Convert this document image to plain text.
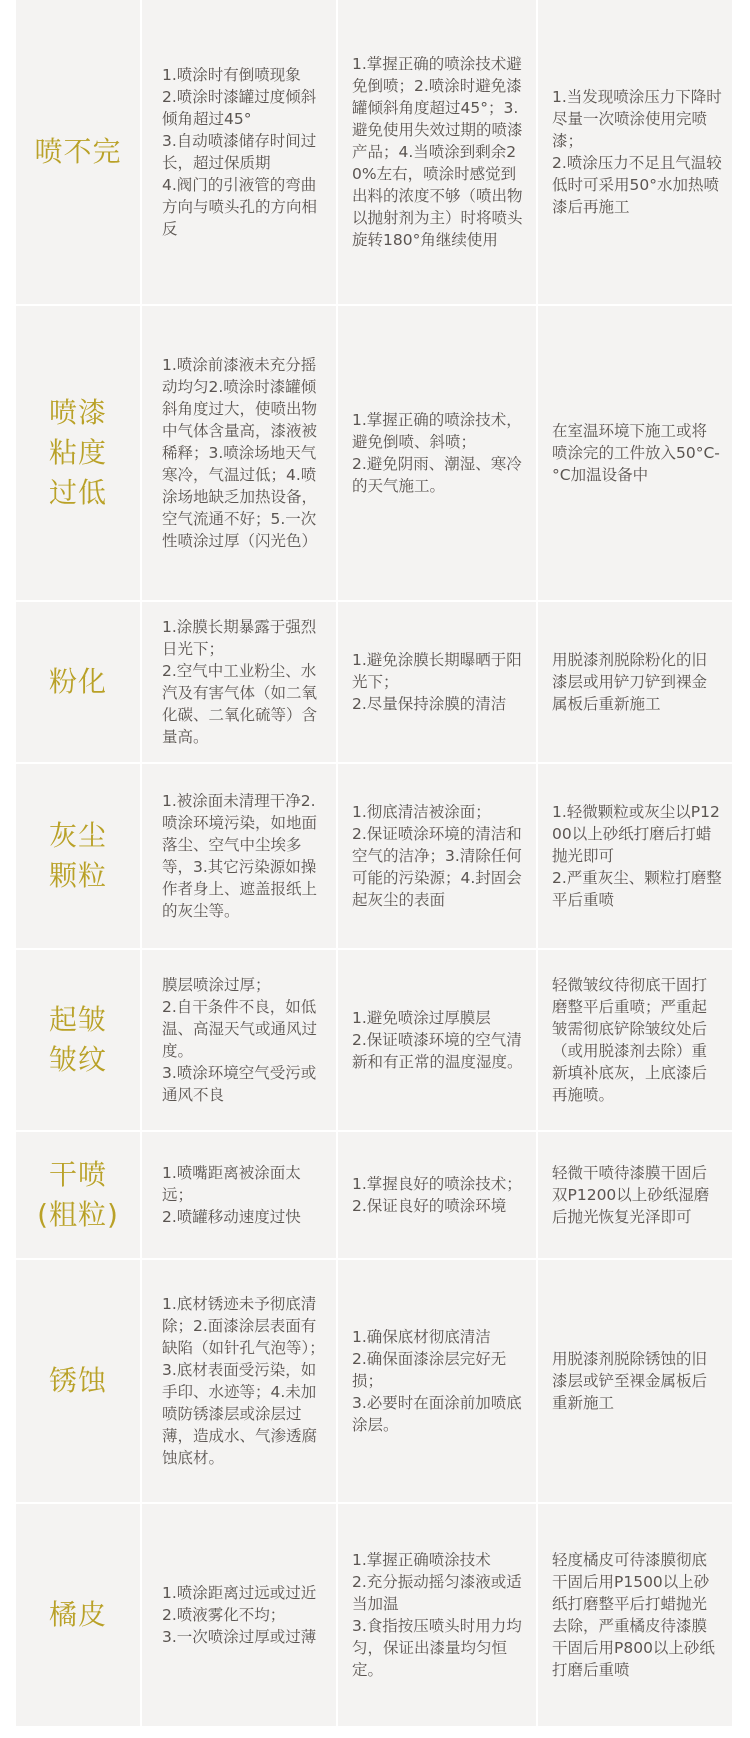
喷不完
1.喷涂时有倒喷现象
2.喷涂时漆罐过度倾斜倾角超过45°
3.自动喷漆储存时间过长，超过保质期
4.阀门的引液管的弯曲方向与喷头孔的方向相反
1.掌握正确的喷涂技术避免倒喷；2.喷涂时避免漆罐倾斜角度超过45°；3.避免使用失效过期的喷漆产品；4.当喷涂到剩余20%左右，喷涂时感觉到出料的浓度不够（喷出物以抛射剂为主）时将喷头旋转180°角继续使用
1.当发现喷涂压力下降时尽量一次喷涂使用完喷漆；
2.喷涂压力不足且气温较低时可采用50°水加热喷漆后再施工
喷漆
粘度
过低
1.喷涂前漆液未充分摇动均匀2.喷涂时漆罐倾斜角度过大，使喷出物中气体含量高，漆液被稀释；3.喷涂场地天气寒冷，气温过低；4.喷涂场地缺乏加热设备，空气流通不好；5.一次性喷涂过厚（闪光色）
1.掌握正确的喷涂技术，避免倒喷、斜喷；
2.避免阴雨、潮湿、寒冷的天气施工。
在室温环境下施工或将喷涂完的工件放入50°C-°C加温设备中
粉化
1.涂膜长期暴露于强烈日光下；
2.空气中工业粉尘、水汽及有害气体（如二氧化碳、二氧化硫等）含量高。
1.避免涂膜长期曝晒于阳光下；
2.尽量保持涂膜的清洁
用脱漆剂脱除粉化的旧漆层或用铲刀铲到裸金属板后重新施工
灰尘
颗粒
1.被涂面未清理干净2.喷涂环境污染，如地面落尘、空气中尘埃多等，3.其它污染源如操作者身上、遮盖报纸上的灰尘等。
1.彻底清洁被涂面；
2.保证喷涂环境的清洁和空气的洁净；3.清除任何可能的污染源；4.封固会起灰尘的表面
1.轻微颗粒或灰尘以P1200以上砂纸打磨后打蜡抛光即可
2.严重灰尘、颗粒打磨整平后重喷
起皱
皱纹
膜层喷涂过厚；
2.自干条件不良，如低温、高湿天气或通风过度。
3.喷涂环境空气受污或通风不良
1.避免喷涂过厚膜层
2.保证喷漆环境的空气清新和有正常的温度湿度。
轻微皱纹待彻底干固打磨整平后重喷；严重起皱需彻底铲除皱纹处后（或用脱漆剂去除）重新填补底灰，上底漆后再施喷。
干喷
(粗粒)
1.喷嘴距离被涂面太远；
2.喷罐移动速度过快
1.掌握良好的喷涂技术；
2.保证良好的喷涂环境
轻微干喷待漆膜干固后双P1200以上砂纸湿磨后抛光恢复光泽即可
锈蚀
1.底材锈迹未予彻底清除；2.面漆涂层表面有缺陷（如针孔气泡等）；3.底材表面受污染，如手印、水迹等；4.未加喷防锈漆层或涂层过薄，造成水、气渗透腐蚀底材。
1.确保底材彻底清洁
2.确保面漆涂层完好无损；
3.必要时在面涂前加喷底涂层。
用脱漆剂脱除锈蚀的旧漆层或铲至裸金属板后重新施工
橘皮
1.喷涂距离过远或过近
2.喷液雾化不均；
3.一次喷涂过厚或过薄
1.掌握正确喷涂技术
2.充分振动摇匀漆液或适当加温
3.食指按压喷头时用力均匀，保证出漆量均匀恒定。
轻度橘皮可待漆膜彻底干固后用P1500以上砂纸打磨整平后打蜡抛光去除，严重橘皮待漆膜干固后用P800以上砂纸打磨后重喷
